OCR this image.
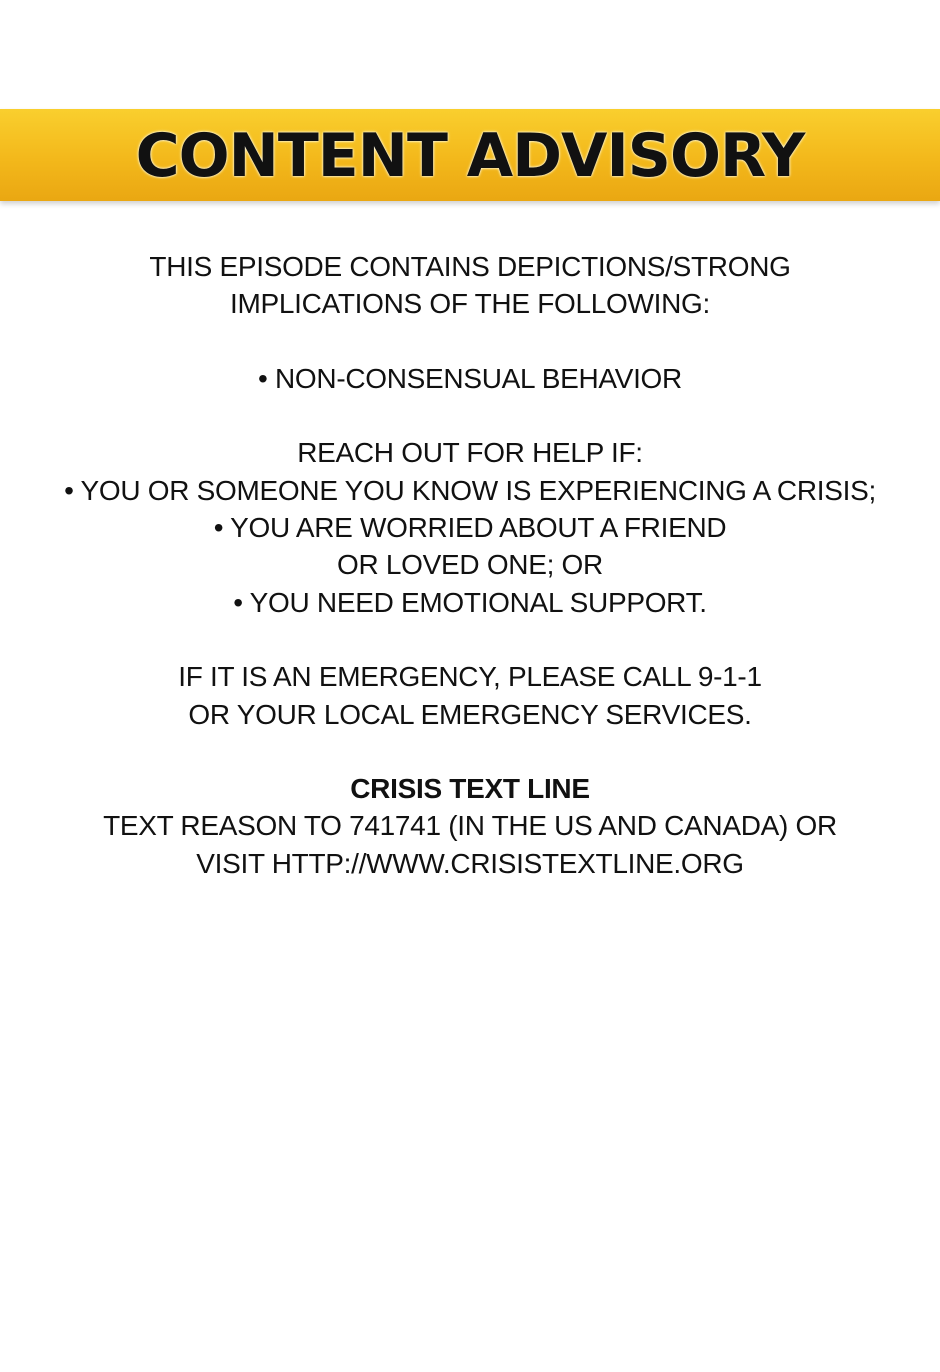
CONTENT ADVISORY
THIS EPISODE CONTAINS DEPICTIONS/STRONG
IMPLICATIONS OF THE FOLLOWING:
• NON-CONSENSUAL BEHAVIOR
REACH OUT FOR HELP IF:
• YOU OR SOMEONE YOU KNOW IS EXPERIENCING A CRISIS;
• YOU ARE WORRIED ABOUT A FRIEND
OR LOVED ONE; OR
• YOU NEED EMOTIONAL SUPPORT.
IF IT IS AN EMERGENCY, PLEASE CALL 9-1-1
OR YOUR LOCAL EMERGENCY SERVICES.
CRISIS TEXT LINE
TEXT REASON TO 741741 (IN THE US AND CANADA) OR
VISIT HTTP://WWW.CRISISTEXTLINE.ORG
